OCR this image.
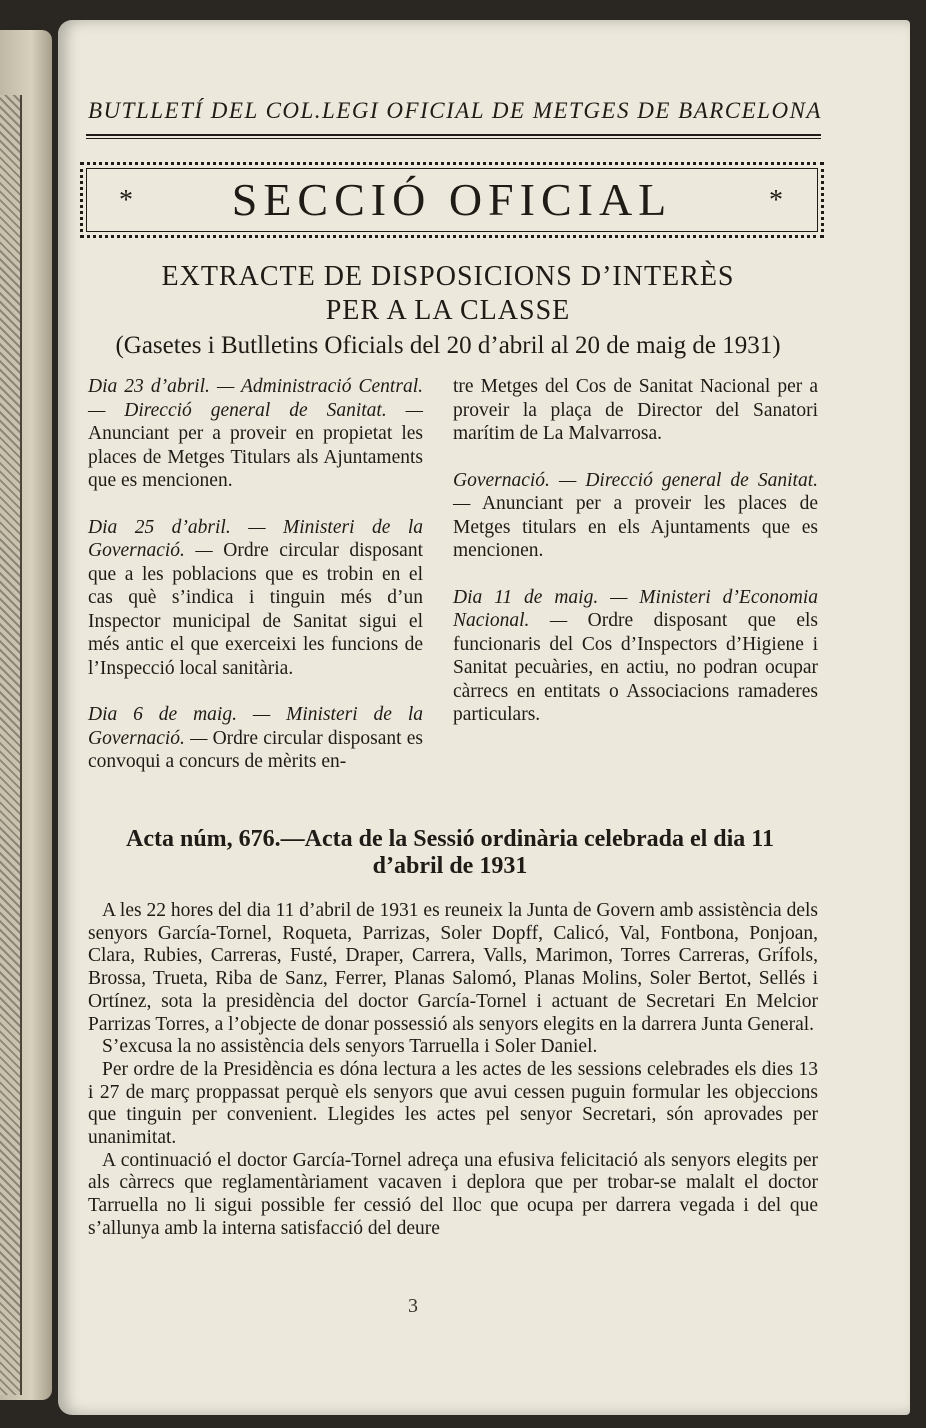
BUTLLETÍ DEL COL.LEGI OFICIAL DE METGES DE BARCELONA
*	SECCIÓ OFICIAL	*
EXTRACTE DE DISPOSICIONS D’INTERÈS
PER A LA CLASSE
(Gasetes i Butlletins Oficials del 20 d’abril al 20 de maig de 1931)

Dia 23 d’abril. — Administració Central. — Direcció general de Sanitat. — Anunciant per a proveir en propietat les places de Metges Titulars als Ajuntaments que es mencionen.

Dia 25 d’abril. — Ministeri de la Governació. — Ordre circular disposant que a les poblacions que es trobin en el cas què s’indica i tinguin més d’un Inspector municipal de Sanitat sigui el més antic el que exerceixi les funcions de l’Inspecció local sanitària.

Dia 6 de maig. — Ministeri de la Governació. — Ordre circular disposant es convoqui a concurs de mèrits en-

tre Metges del Cos de Sanitat Nacional per a proveir la plaça de Director del Sanatori marítim de La Malvarrosa.

Governació. — Direcció general de Sanitat. — Anunciant per a proveir les places de Metges titulars en els Ajuntaments que es mencionen.

Dia 11 de maig. — Ministeri d’Economia Nacional. — Ordre disposant que els funcionaris del Cos d’Inspectors d’Higiene i Sanitat pecuàries, en actiu, no podran ocupar càrrecs en entitats o Associacions ramaderes particulars.

Acta núm, 676.—Acta de la Sessió ordinària celebrada el dia 11
d’abril de 1931

A les 22 hores del dia 11 d’abril de 1931 es reuneix la Junta de Govern amb assistència dels senyors García-Tornel, Roqueta, Parrizas, Soler Dopff, Calicó, Val, Fontbona, Ponjoan, Clara, Rubies, Carreras, Fusté, Draper, Carrera, Valls, Marimon, Torres Carreras, Grífols, Brossa, Trueta, Riba de Sanz, Ferrer, Planas Salomó, Planas Molins, Soler Bertot, Sellés i Ortínez, sota la presidència del doctor García-Tornel i actuant de Secretari En Melcior Parrizas Torres, a l’objecte de donar possessió als senyors elegits en la darrera Junta General.

S’excusa la no assistència dels senyors Tarruella i Soler Daniel.

Per ordre de la Presidència es dóna lectura a les actes de les sessions celebrades els dies 13 i 27 de març proppassat perquè els senyors que avui cessen puguin formular les objeccions que tinguin per convenient. Llegides les actes pel senyor Secretari, són aprovades per unanimitat.

A continuació el doctor García-Tornel adreça una efusiva felicitació als senyors elegits per als càrrecs que reglamentàriament vacaven i deplora que per trobar-se malalt el doctor Tarruella no li sigui possible fer cessió del lloc que ocupa per darrera vegada i del que s’allunya amb la interna satisfacció del deure

3
